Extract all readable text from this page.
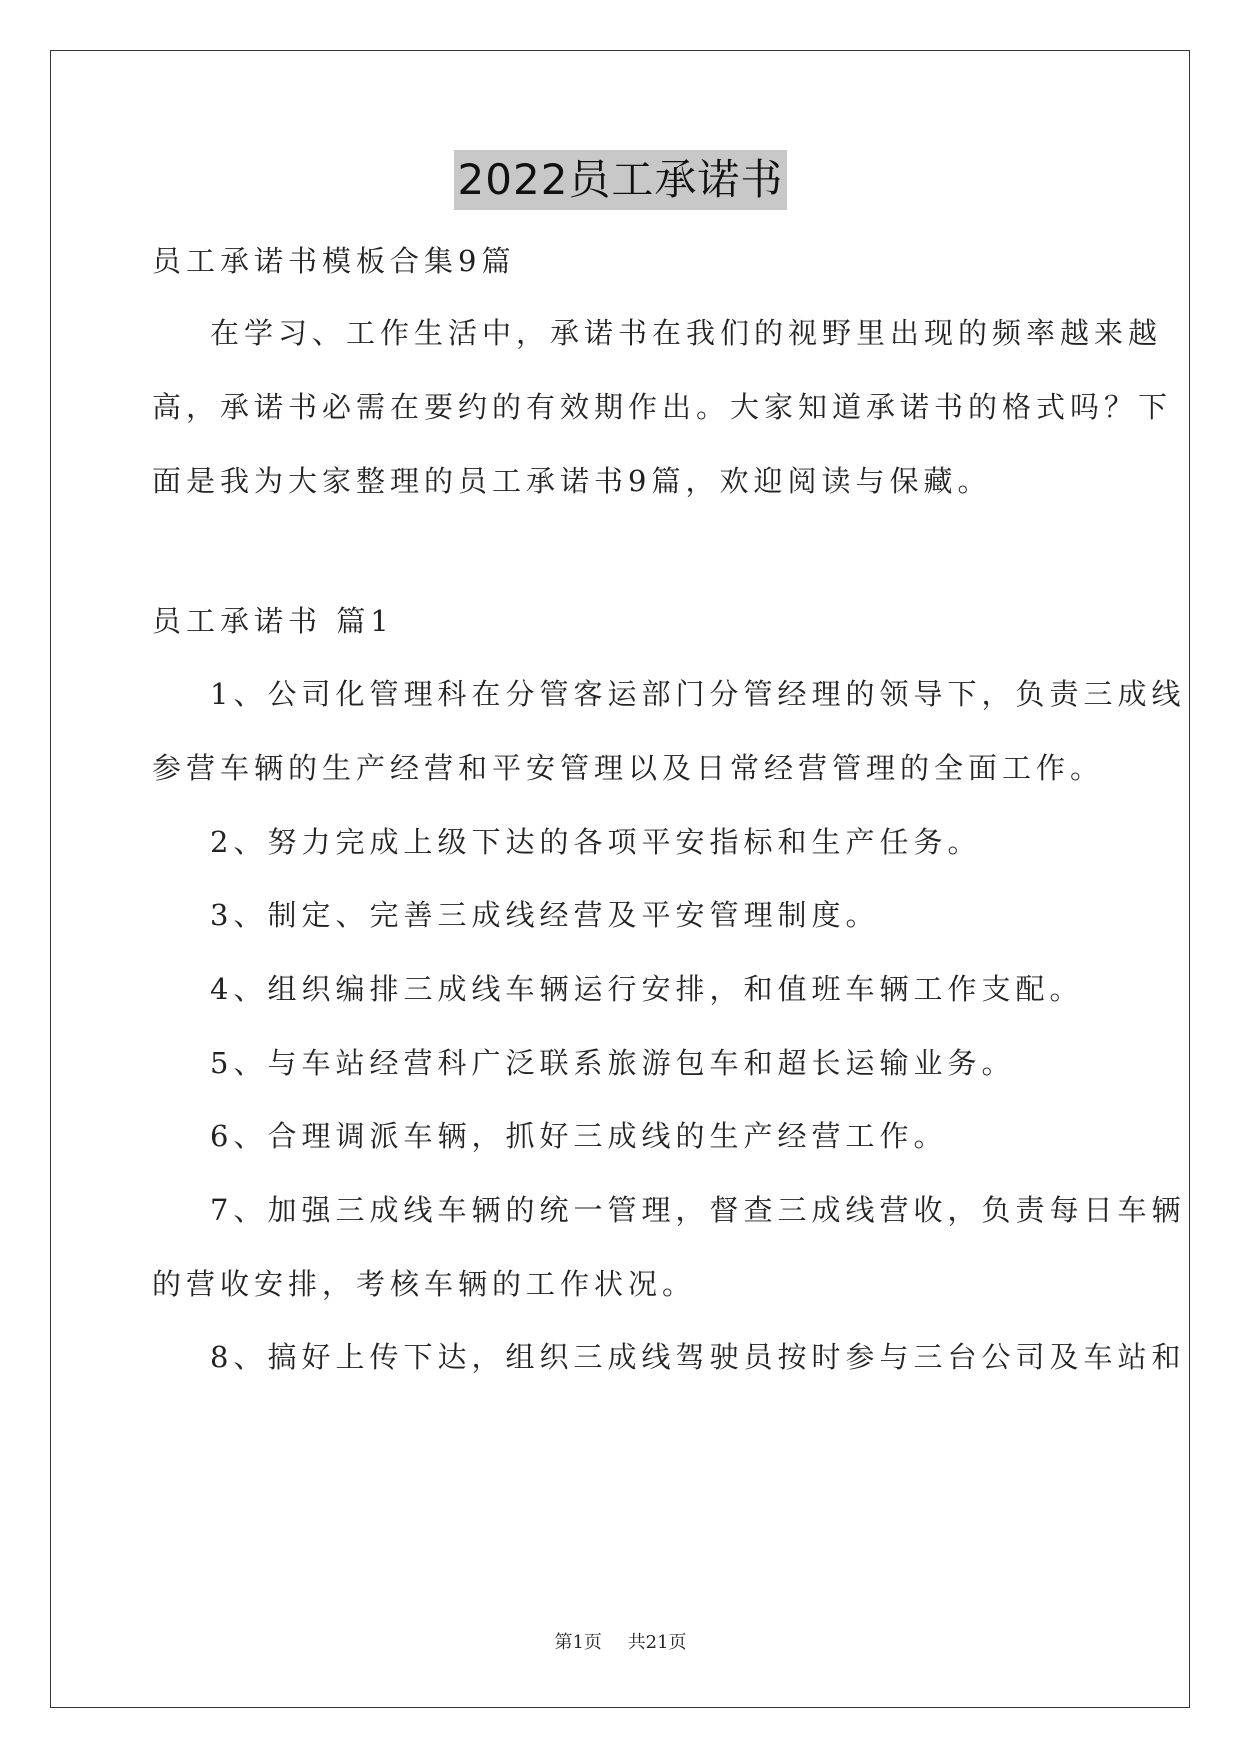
2022员工承诺书
员工承诺书模板合集9篇
在学习、工作生活中，承诺书在我们的视野里出现的频率越来越
高，承诺书必需在要约的有效期作出。大家知道承诺书的格式吗？下
面是我为大家整理的员工承诺书9篇，欢迎阅读与保藏。
员工承诺书 篇1
1、公司化管理科在分管客运部门分管经理的领导下，负责三成线
参营车辆的生产经营和平安管理以及日常经营管理的全面工作。
2、努力完成上级下达的各项平安指标和生产任务。
3、制定、完善三成线经营及平安管理制度。
4、组织编排三成线车辆运行安排，和值班车辆工作支配。
5、与车站经营科广泛联系旅游包车和超长运输业务。
6、合理调派车辆，抓好三成线的生产经营工作。
7、加强三成线车辆的统一管理，督查三成线营收，负责每日车辆
的营收安排，考核车辆的工作状况。
8、搞好上传下达，组织三成线驾驶员按时参与三台公司及车站和
第1页 共21页
